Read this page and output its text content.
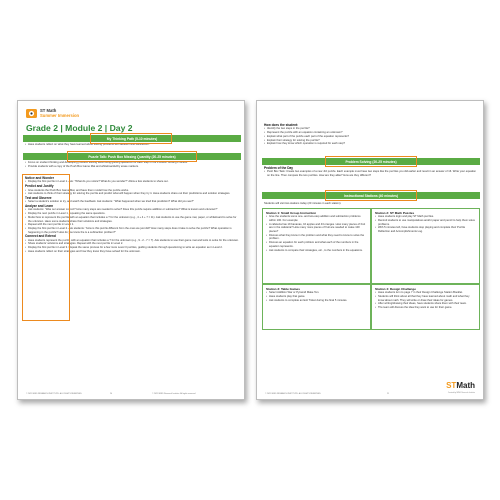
ST Math
Summer Immersion
Grade 2 | Module 2 | Day 2
My Thinking Path (5-10 minutes)
• Have students reflect on what they have learned about solving problems with addition and subtraction.
Puzzle Talk: Push Box Missing Quantity (20-25 minutes)
• Focus on student thinking and developing problem solving skills using guiding questions for each step in the Problem Solving Process.
• Provide students with a copy of the Push Box Game Mat and whiteboards/dry erase markers.

Notice and Wonder

• Display the first puzzle in Level 1. Ask: "What do you notice? What do you wonder?" Allow a few students to share out.

Predict and Justify

• Give students the Push Box Game Mat, and have them model how the puzzle works.
• Ask students to think of their strategy for solving the puzzle and predict what will happen when they try it. Have students share out their predictions and solution strategies.

Test and Observe

• Select a student's solution to try, and watch the feedback. Ask students: "What happened when we tried that prediction? What did you see?"

Analyze and Learn

• Ask students: "Was our answer correct? How many steps are needed to solve? Does this puzzle require addition or subtraction? What is known and unknown?"
• Display the next puzzle in Level 1, repeating the same questions.
• Model how to represent the puzzle with an equation that includes a ? for the unknown (e.g., 4 + 4 + 7 = 11). Ask students to use the game mat, paper, or whiteboard to solve for the unknown. Have some students share their solutions and strategies.
• Repeat with the next puzzle in Level 1.
• Display the first puzzle in Level 2. Ask students: "How is this puzzle different from the ones we just did? How many steps does it take to solve the puzzle? What operation is happening in the puzzle? How do you know the is a subtraction problem?"

Connect and Extend

• Have students represent the puzzle with an equation that includes a ? for the unknown (e.g., 9 - 2 - 7 = ?). Ask students to use their game mat and tools to solve for the unknown.
• Share students' solutions and strategies. Repeat with the next puzzle in Level 2.
• Display the first puzzle in Level 3. Repeat the same process for a few more Level 3 puzzles, guiding students through questioning to write an equation as in Level 2.
• Have students reflect on their strategies and how they know they have solved for the unknown.
© 2021 MIND RESEARCH INSTITUTE. ALL RIGHTS RESERVED.	20	© 2021 MIND Research Institute. All rights reserved.

How does the student:

• Identify the two steps in the puzzle?
• Represent the puzzle with an equation containing an unknown?
• Explain what part of the puzzle each part of the equation represents?
• Explain their strategy for solving the puzzle?
• Explain how they know which operation is required for each step?
Problem Solving (20-25 minutes)

Problem of the Day

• Push Box Task: Create two examples of a new JiJi puzzle. Each example must have two steps like the puzzles you did earlier and result in an answer of 16. Write your equation on the line. Then compare the two puzzles. How are they alike? How are they different?
Instructional Stations (40 minutes)
Students will visit two stations today (20 minutes in each station).

Station 1: Small Group Instruction

• Give the students some one- and two-step addition and subtraction problems within 100. For example:
• A cafeteria has 19 bananas, 16 apples and 43 oranges. How many pieces of fruit are in the cafeteria? How many more pieces of fruit are needed to make 100 pieces?
• Discuss what they know in the problem and what they need to know to solve the problem.
• Discuss an equation for each problem and what each of the numbers in the equation represents.
• Ask students to compare their strategies, etc., to the numbers in the equations.

Station 2: ST Math Puzzles

• Have students login and play ST Math puzzles.
• Remind students to use manipulatives and/or paper and pencil to help them solve problems.
• With 5 minutes left, have students stop playing and complete their Puzzle Reflection and Accomplishments Log.

Station 3: Table Games

• Select Addition War or Pyramid Make Ten.
• Have students play that game.
• Ask students to complete an Exit Ticket during the final 5 minutes.

Station 4: Design Challenge

• Have students turn to page 7 in their Design Challenge Station Booklet.
• Students will think about all that they have learned about math and what they know about math. They will write or draw their ideas for games.
• After writing/drawing their ideas, have students share them with their team.
• The team will discuss the idea they want to use for their game.
© 2021 MIND RESEARCH INSTITUTE. ALL RIGHTS RESERVED.	21
STMath
Created by MIND Research Institute
